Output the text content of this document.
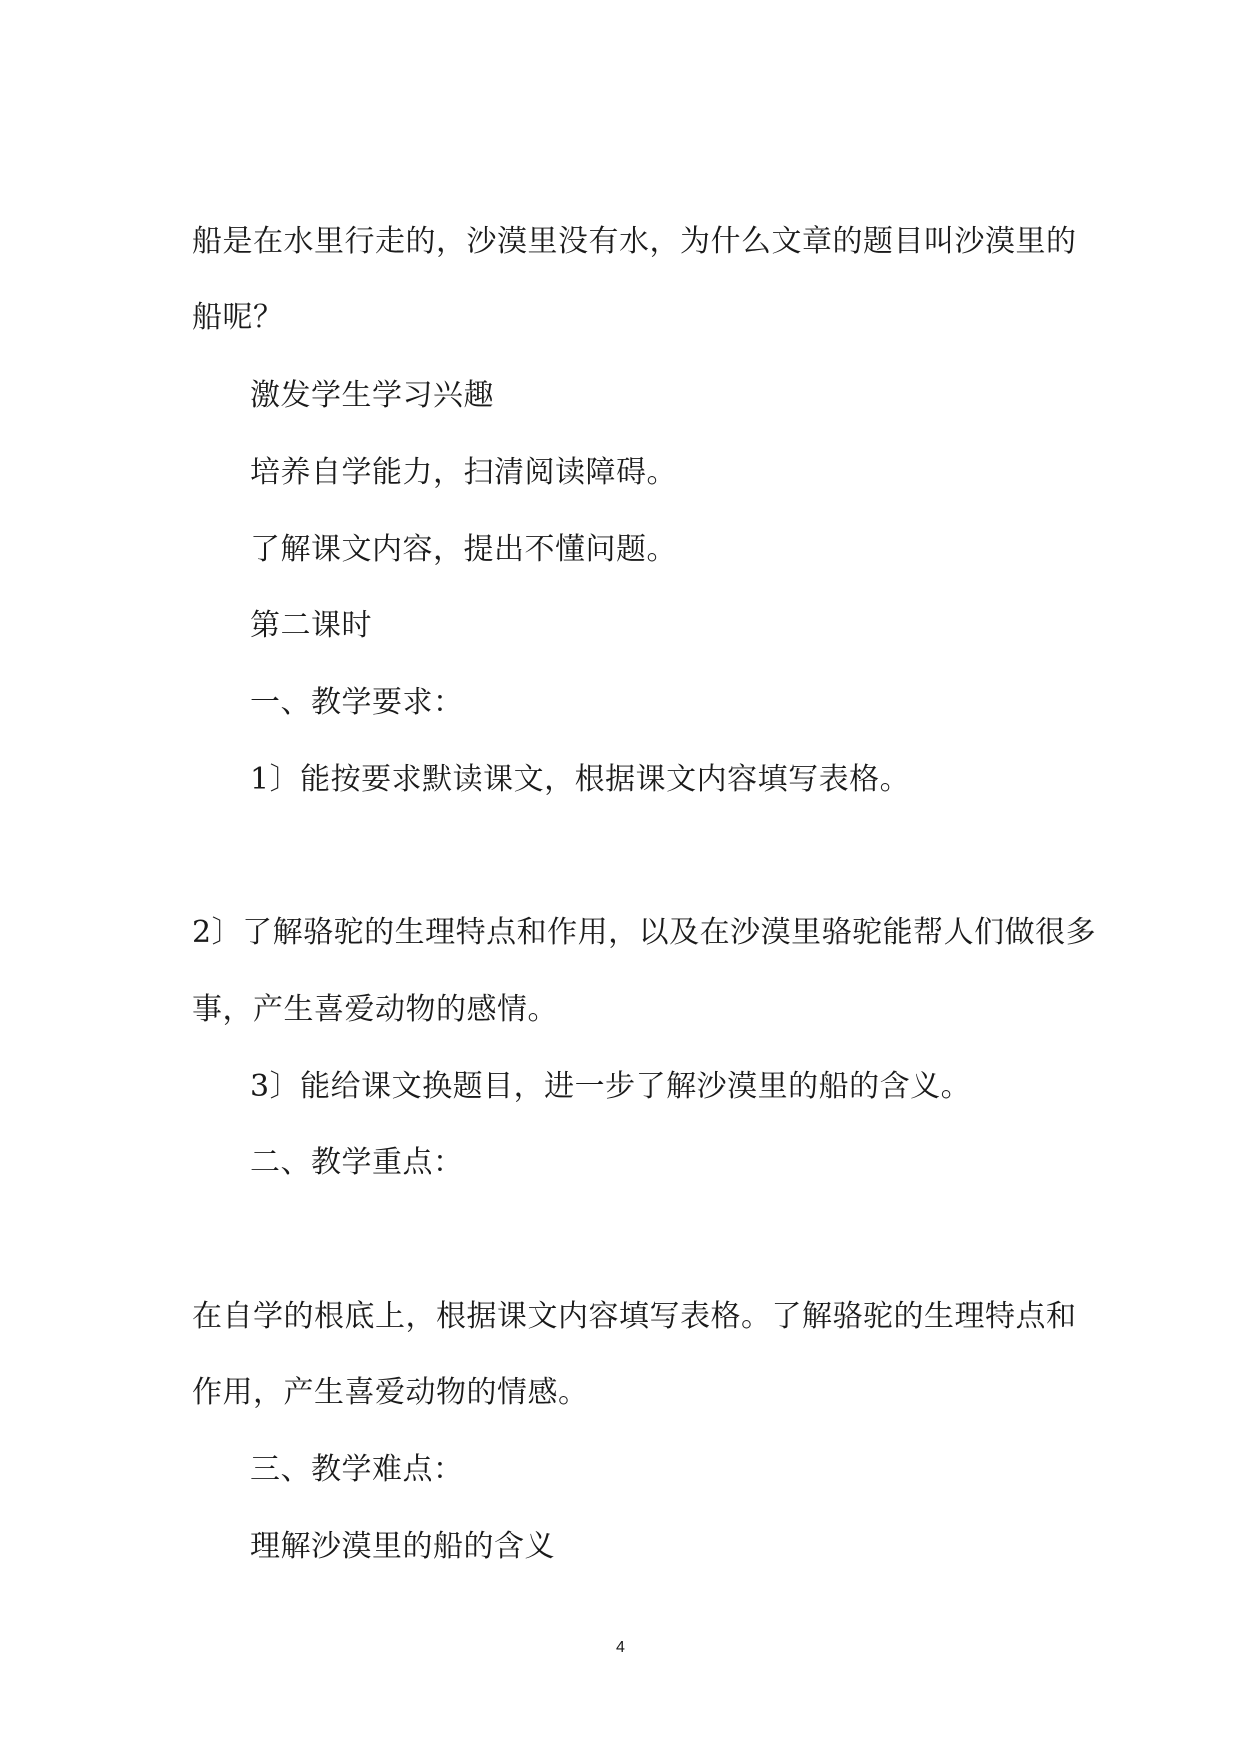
船是在水里行走的，沙漠里没有水，为什么文章的题目叫沙漠里的
船呢？
激发学生学习兴趣
培养自学能力，扫清阅读障碍。
了解课文内容，提出不懂问题。
第二课时
一、教学要求：
1〕能按要求默读课文，根据课文内容填写表格。
2〕了解骆驼的生理特点和作用，以及在沙漠里骆驼能帮人们做很多
事，产生喜爱动物的感情。
3〕能给课文换题目，进一步了解沙漠里的船的含义。
二、教学重点：
在自学的根底上，根据课文内容填写表格。了解骆驼的生理特点和
作用，产生喜爱动物的情感。
三、教学难点：
理解沙漠里的船的含义
4
